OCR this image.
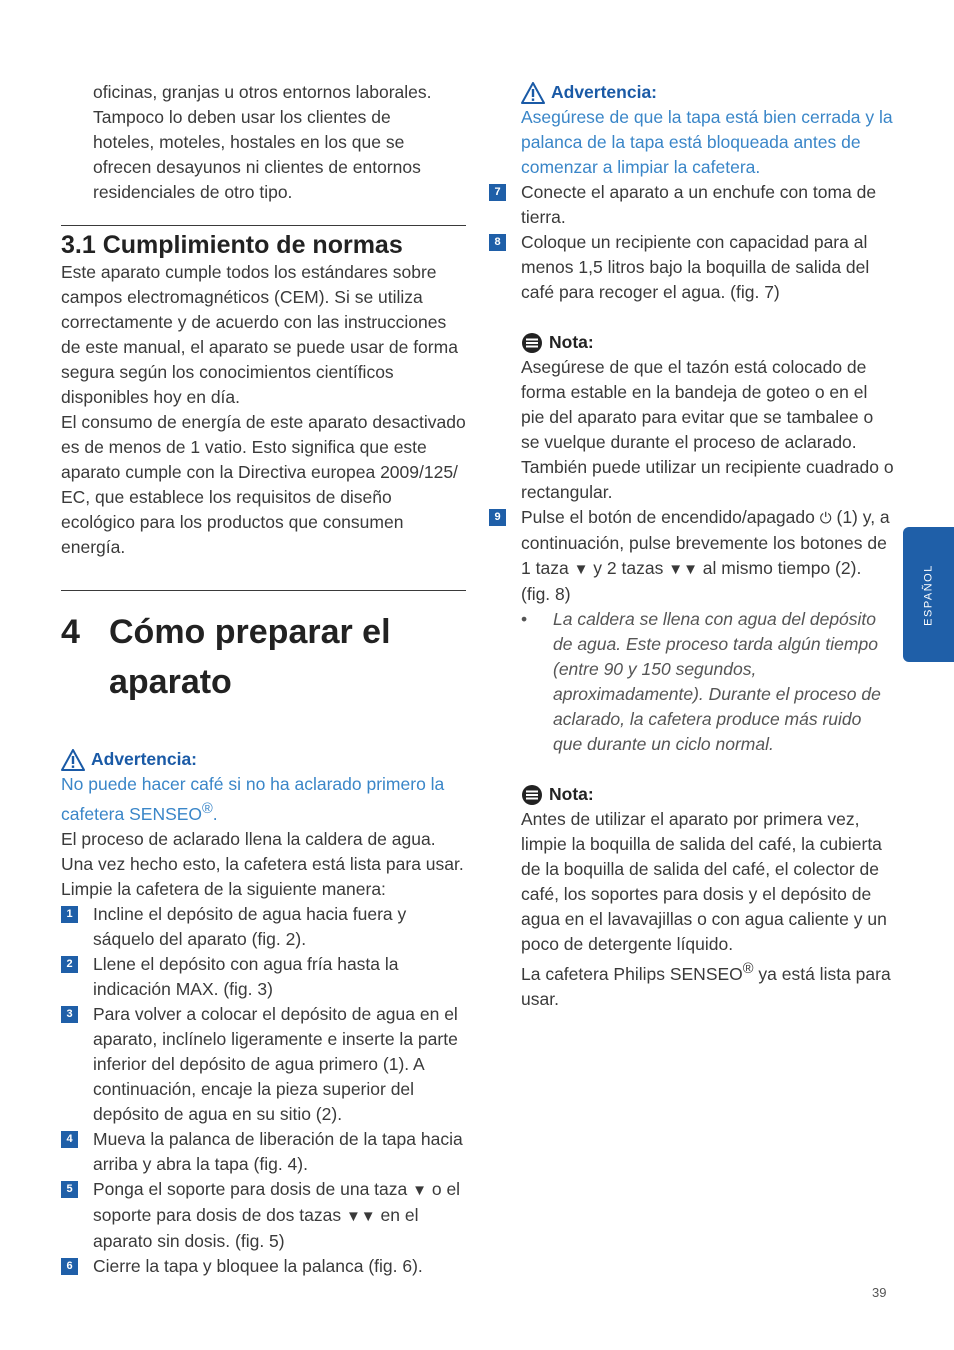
oficinas, granjas u otros entornos laborales.

Tampoco lo deben usar los clientes de

hoteles, moteles, hostales en los que se

ofrecen desayunos ni clientes de entornos

residenciales de otro tipo.

3.1 Cumplimiento de normas

Este aparato cumple todos los estándares sobre campos electromagnéticos (CEM). Si se utiliza correctamente y de acuerdo con las instrucciones de este manual, el aparato se puede usar de forma segura según los conocimientos científicos disponibles hoy en día.

El consumo de energía de este aparato desactivado es de menos de 1 vatio. Esto significa que este aparato cumple con la Directiva europea 2009/125/ EC, que establece los requisitos de diseño ecológico para los productos que consumen energía.

4 Cómo preparar el
aparato
Advertencia:

No puede hacer café si no ha aclarado primero la cafetera SENSEO®.

El proceso de aclarado llena la caldera de agua. Una vez hecho esto, la cafetera está lista para usar. Limpie la cafetera de la siguiente manera:

1	Incline el depósito de agua hacia fuera y sáquelo del aparato (fig. 2).
2	Llene el depósito con agua fría hasta la indicación MAX. (fig. 3)
3	Para volver a colocar el depósito de agua en el aparato, inclínelo ligeramente e inserte la parte inferior del depósito de agua primero (1). A continuación, encaje la pieza superior del depósito de agua en su sitio (2).
4	Mueva la palanca de liberación de la tapa hacia arriba y abra la tapa (fig. 4).
5	Ponga el soporte para dosis de una taza ▼ o el soporte para dosis de dos tazas ▼▼ en el aparato sin dosis. (fig. 5)
6	Cierre la tapa y bloquee la palanca (fig. 6).
Advertencia:

Asegúrese de que la tapa está bien cerrada y la palanca de la tapa está bloqueada antes de comenzar a limpiar la cafetera.

7	Conecte el aparato a un enchufe con toma de tierra.
8	Coloque un recipiente con capacidad para al menos 1,5 litros bajo la boquilla de salida del café para recoger el agua. (fig. 7)
Nota:

Asegúrese de que el tazón está colocado de forma estable en la bandeja de goteo o en el pie del aparato para evitar que se tambalee o se vuelque durante el proceso de aclarado. También puede utilizar un recipiente cuadrado o rectangular.

9	Pulse el botón de encendido/apagado ⏻ (1) y, a continuación, pulse brevemente los botones de 1 taza ▼ y 2 tazas ▼▼ al mismo tiempo (2). (fig. 8)
• La caldera se llena con agua del depósito de agua. Este proceso tarda algún tiempo (entre 90 y 150 segundos, aproximadamente). Durante el proceso de aclarado, la cafetera produce más ruido que durante un ciclo normal.
Nota:

Antes de utilizar el aparato por primera vez, limpie la boquilla de salida del café, la cubierta de la boquilla de salida del café, el colector de café, los soportes para dosis y el depósito de agua en el lavavajillas o con agua caliente y un poco de detergente líquido.

La cafetera Philips SENSEO® ya está lista para usar.

ESPAÑOL
39
